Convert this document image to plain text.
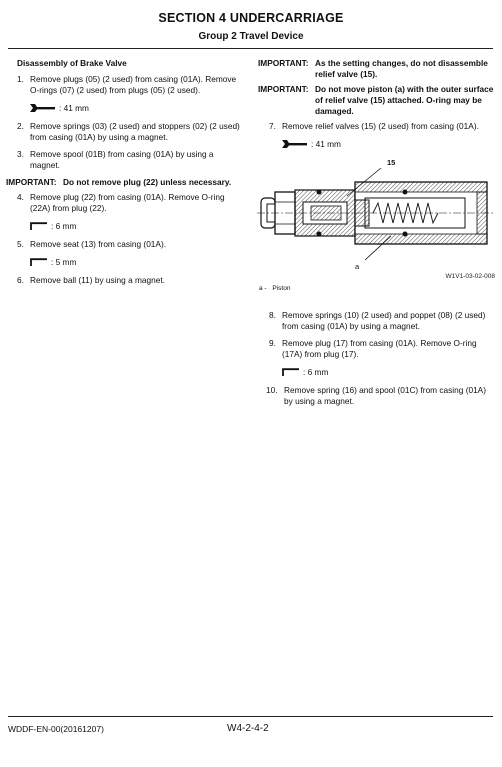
SECTION 4 UNDERCARRIAGE
Group 2 Travel Device
Disassembly of Brake Valve
1. Remove plugs (05) (2 used) from casing (01A). Remove O-rings (07) (2 used) from plugs (05) (2 used).
: 41 mm
2. Remove springs (03) (2 used) and stoppers (02) (2 used) from casing (01A) by using a magnet.
3. Remove spool (01B) from casing (01A) by using a magnet.
IMPORTANT: Do not remove plug (22) unless necessary.
4. Remove plug (22) from casing (01A). Remove O-ring (22A) from plug (22).
: 6 mm
5. Remove seat (13) from casing (01A).
: 5 mm
6. Remove ball (11) by using a magnet.
IMPORTANT: As the setting changes, do not disassemble relief valve (15).
IMPORTANT: Do not move piston (a) with the outer surface of relief valve (15) attached. O-ring may be damaged.
7. Remove relief valves (15) (2 used) from casing (01A).
: 41 mm
15
a
W1V1-03-02-008
a - Piston
8. Remove springs (10) (2 used) and poppet (08) (2 used) from casing (01A) by using a magnet.
9. Remove plug (17) from casing (01A). Remove O-ring (17A) from plug (17).
: 6 mm
10. Remove spring (16) and spool (01C) from casing (01A) by using a magnet.
WDDF-EN-00(20161207)	W4-2-4-2
